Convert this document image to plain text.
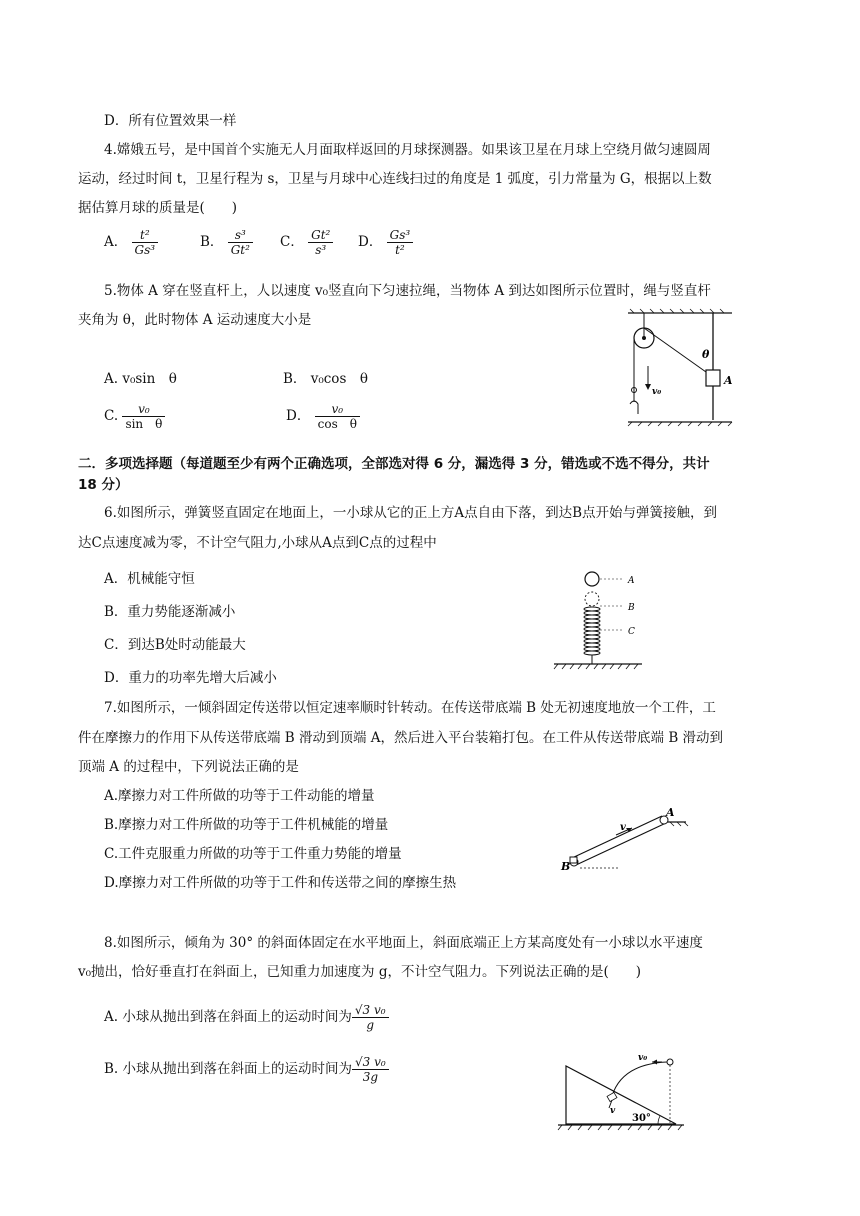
D．所有位置效果一样
4.嫦娥五号，是中国首个实施无人月面取样返回的月球探测器。如果该卫星在月球上空绕月做匀速圆周
运动，经过时间 t，卫星行程为 s，卫星与月球中心连线扫过的角度是 1 弧度，引力常量为 G，根据以上数
据估算月球的质量是(　　)
A． $\frac{\text{t²}}{\text{Gs³}}$	B． $\frac{\text{s³}}{\text{Gt²}}$ C． $\frac{\text{Gt²}}{\text{s³}}$ D． $\frac{\text{Gs³}}{\text{t²}}$
5.物体 A 穿在竖直杆上，人以速度 v₀竖直向下匀速拉绳，当物体 A 到达如图所示位置时，绳与竖直杆
夹角为 θ，此时物体 A 运动速度大小是
A. v₀sin　θ	B． v₀cos　θ
C. $\frac{\text{v₀}}{\text{sin　θ}}$	D． $\frac{\text{v₀}}{\text{cos　θ}}$
A
θ
v₀
二．多项选择题（每道题至少有两个正确选项，全部选对得 6 分，漏选得 3 分，错选或不选不得分，共计
18 分）
6.如图所示，弹簧竖直固定在地面上，一小球从它的正上方A点自由下落，到达B点开始与弹簧接触，到
达C点速度减为零，不计空气阻力,小球从A点到C点的过程中
A．机械能守恒
B．重力势能逐渐减小
C．到达B处时动能最大
D．重力的功率先增大后减小
A
B
C
7.如图所示，一倾斜固定传送带以恒定速率顺时针转动。在传送带底端 B 处无初速度地放一个工件，工
件在摩擦力的作用下从传送带底端 B 滑动到顶端 A，然后进入平台装箱打包。在工件从传送带底端 B 滑动到
顶端 A 的过程中，下列说法正确的是
A.摩擦力对工件所做的功等于工件动能的增量
B.摩擦力对工件所做的功等于工件机械能的增量
C.工件克服重力所做的功等于工件重力势能的增量
D.摩擦力对工件所做的功等于工件和传送带之间的摩擦生热
v
A
B
8.如图所示，倾角为 30° 的斜面体固定在水平地面上，斜面底端正上方某高度处有一小球以水平速度
v₀抛出，恰好垂直打在斜面上，已知重力加速度为 g，不计空气阻力。下列说法正确的是(　　)
A. 小球从抛出到落在斜面上的运动时间为 $\frac{\text{√3 v₀}}{g}$
B. 小球从抛出到落在斜面上的运动时间为 $\frac{\text{√3 v₀}}{3g}$	v₀
v
30°
